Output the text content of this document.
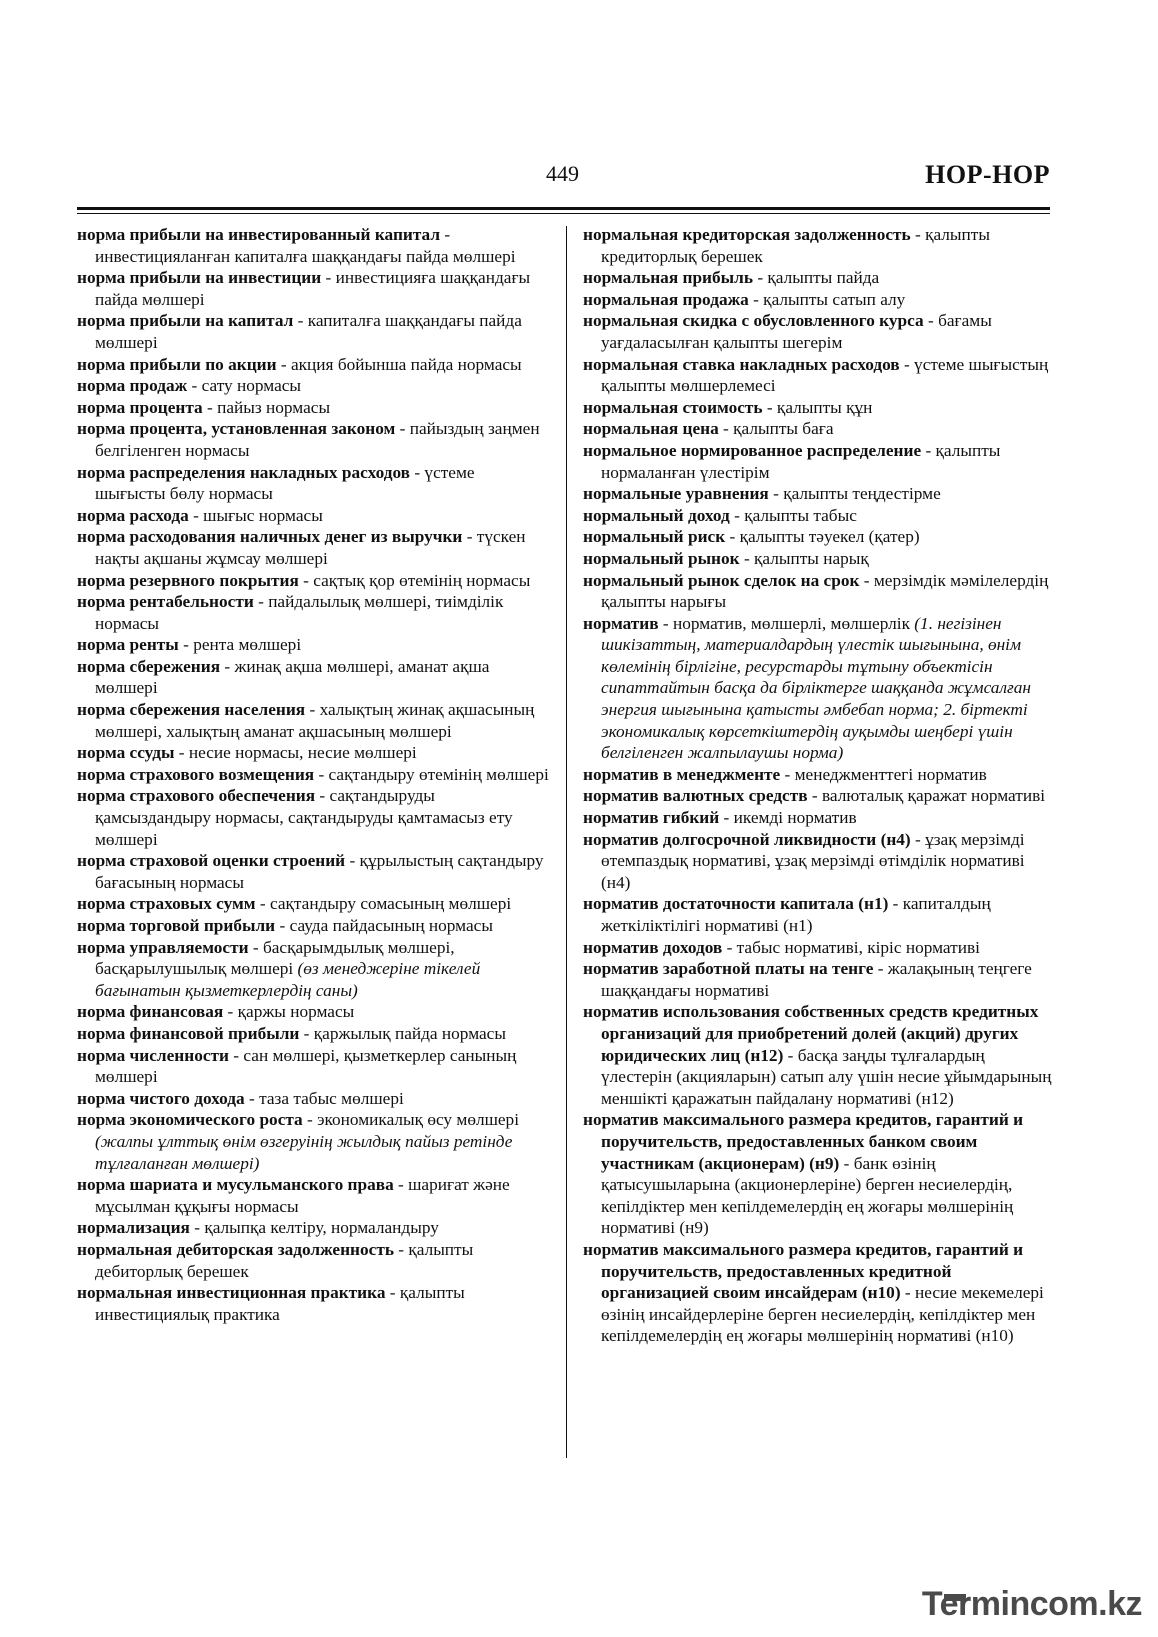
449	НОР-НОР

норма прибыли на инвестированный капитал - инвестицияланған капиталға шаққандағы пайда мөлшері

норма прибыли на инвестиции - инвестицияға шаққандағы пайда мөлшері

норма прибыли на капитал - капиталға шаққандағы пайда мөлшері

норма прибыли по акции - акция бойынша пайда нормасы

норма продаж - сату нормасы

норма процента - пайыз нормасы

норма процента, установленная законом - пайыздың заңмен белгіленген нормасы

норма распределения накладных расходов - үстеме шығысты бөлу нормасы

норма расхода - шығыс нормасы

норма расходования наличных денег из выручки - түскен нақты ақшаны жұмсау мөлшері

норма резервного покрытия - сақтық қор өтемінің нормасы

норма рентабельности - пайдалылық мөлшері, тиімділік нормасы

норма ренты - рента мөлшері

норма сбережения - жинақ ақша мөлшері, аманат ақша мөлшері

норма сбережения населения - халықтың жинақ ақшасының мөлшері, халықтың аманат ақшасының мөлшері

норма ссуды - несие нормасы, несие мөлшері

норма страхового возмещения - сақтандыру өтемінің мөлшері

норма страхового обеспечения - сақтандыруды қамсыздандыру нормасы, сақтандыруды қамтамасыз ету мөлшері

норма страховой оценки строений - құрылыстың сақтандыру бағасының нормасы

норма страховых сумм - сақтандыру сомасының мөлшері

норма торговой прибыли - сауда пайдасының нормасы

норма управляемости - басқарымдылық мөлшері, басқарылушылық мөлшері (өз менеджеріне тікелей бағынатын қызметкерлердің саны)

норма финансовая - қаржы нормасы

норма финансовой прибыли - қаржылық пайда нормасы

норма численности - сан мөлшері, қызметкерлер санының мөлшері

норма чистого дохода - таза табыс мөлшері

норма экономического роста - экономикалық өсу мөлшері (жалпы ұлттық өнім өзгеруінің жылдық пайыз ретінде тұлғаланған мөлшері)

норма шариата и мусульманского права - шариғат және мұсылман құқығы нормасы

нормализация - қалыпқа келтіру, нормаландыру

нормальная дебиторская задолженность - қалыпты дебиторлық берешек

нормальная инвестиционная практика - қалыпты инвестициялық практика

нормальная кредиторская задолженность - қалыпты кредиторлық берешек

нормальная прибыль - қалыпты пайда

нормальная продажа - қалыпты сатып алу

нормальная скидка с обусловленного курса - бағамы уағдаласылған қалыпты шегерім

нормальная ставка накладных расходов - үстеме шығыстың қалыпты мөлшерлемесі

нормальная стоимость - қалыпты құн

нормальная цена - қалыпты баға

нормальное нормированное распределение - қалыпты нормаланған үлестірім

нормальные уравнения - қалыпты теңдестірме

нормальный доход - қалыпты табыс

нормальный риск - қалыпты тәуекел (қатер)

нормальный рынок - қалыпты нарық

нормальный рынок сделок на срок - мерзімдік мәмілелердің қалыпты нарығы

норматив - норматив, мөлшерлі, мөлшерлік (1. негізінен шикізаттың, материалдардың үлестік шығынына, өнім көлемінің бірлігіне, ресурстарды тұтыну объектісін сипаттайтын басқа да бірліктерге шаққанда жұмсалған энергия шығынына қатысты әмбебап норма; 2. біртекті экономикалық көрсеткіштердің ауқымды шеңбері үшін белгіленген жалпылаушы норма)

норматив в менеджменте - менеджменттегі норматив

норматив валютных средств - валюталық қаражат нормативі

норматив гибкий - икемді норматив

норматив долгосрочной ликвидности (н4) - ұзақ мерзімді өтемпаздық нормативі, ұзақ мерзімді өтімділік нормативі (н4)

норматив достаточности капитала (н1) - капиталдың жеткіліктілігі нормативі (н1)

норматив доходов - табыс нормативі, кіріс нормативі

норматив заработной платы на тенге - жалақының теңгеге шаққандағы нормативі

норматив использования собственных средств кредитных организаций для приобретений долей (акций) других юридических лиц (н12) - басқа заңды тұлғалардың үлестерін (акцияларын) сатып алу үшін несие ұйымдарының меншікті қаражатын пайдалану нормативі (н12)

норматив максимального размера кредитов, гарантий и поручительств, предоставленных банком своим участникам (акционерам) (н9) - банк өзінің қатысушыларына (акционерлеріне) берген несиелердің, кепілдіктер мен кепілдемелердің ең жоғары мөлшерінің нормативі (н9)

норматив максимального размера кредитов, гарантий и поручительств, предоставленных кредитной организацией своим инсайдерам (н10) - несие мекемелері өзінің инсайдерлеріне берген несиелердің, кепілдіктер мен кепілдемелердің ең жоғары мөлшерінің нормативі (н10)

Termincom.kz
